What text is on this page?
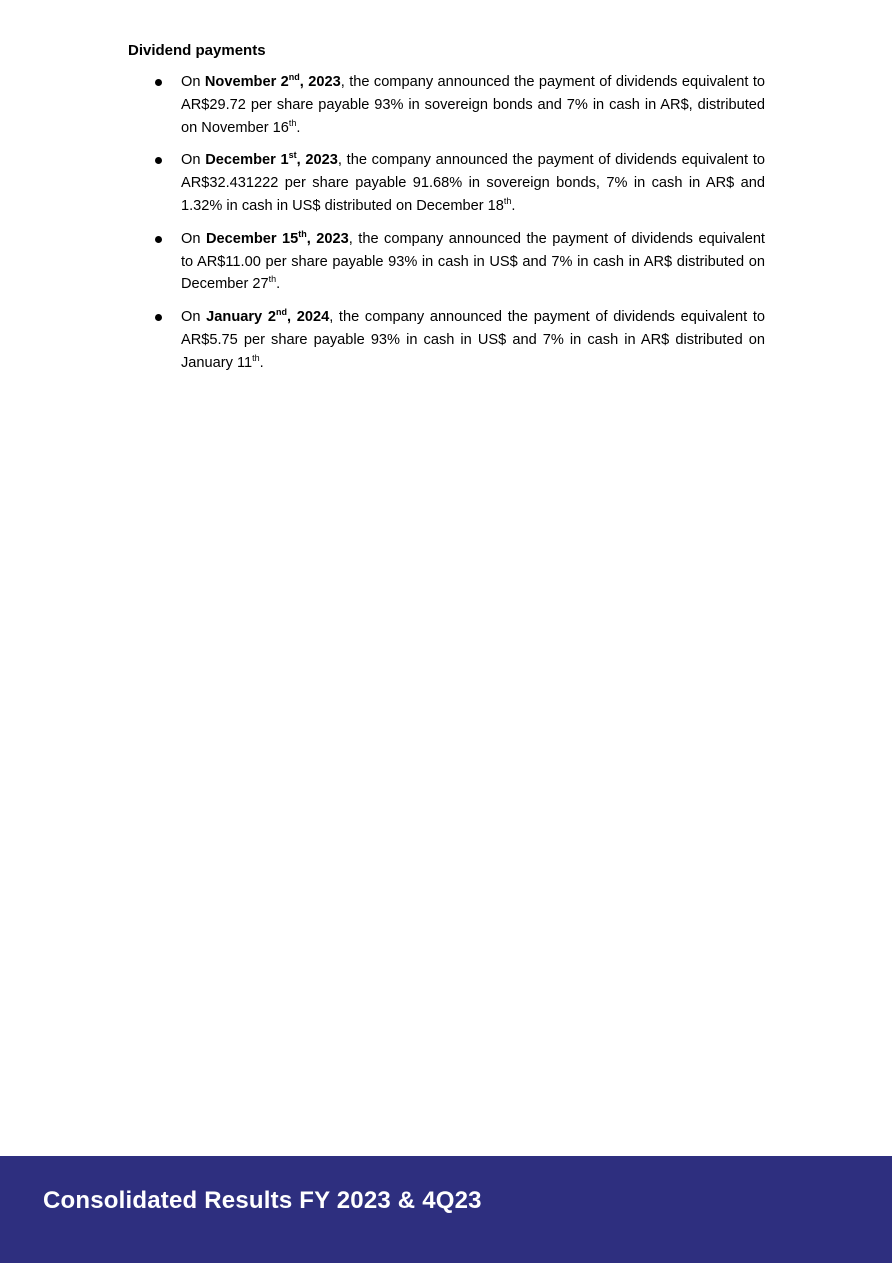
Dividend payments
On November 2nd, 2023, the company announced the payment of dividends equivalent to AR$29.72 per share payable 93% in sovereign bonds and 7% in cash in AR$, distributed on November 16th.
On December 1st, 2023, the company announced the payment of dividends equivalent to AR$32.431222 per share payable 91.68% in sovereign bonds, 7% in cash in AR$ and 1.32% in cash in US$ distributed on December 18th.
On December 15th, 2023, the company announced the payment of dividends equivalent to AR$11.00 per share payable 93% in cash in US$ and 7% in cash in AR$ distributed on December 27th.
On January 2nd, 2024, the company announced the payment of dividends equivalent to AR$5.75 per share payable 93% in cash in US$ and 7% in cash in AR$ distributed on January 11th.
Consolidated Results FY 2023 & 4Q23
